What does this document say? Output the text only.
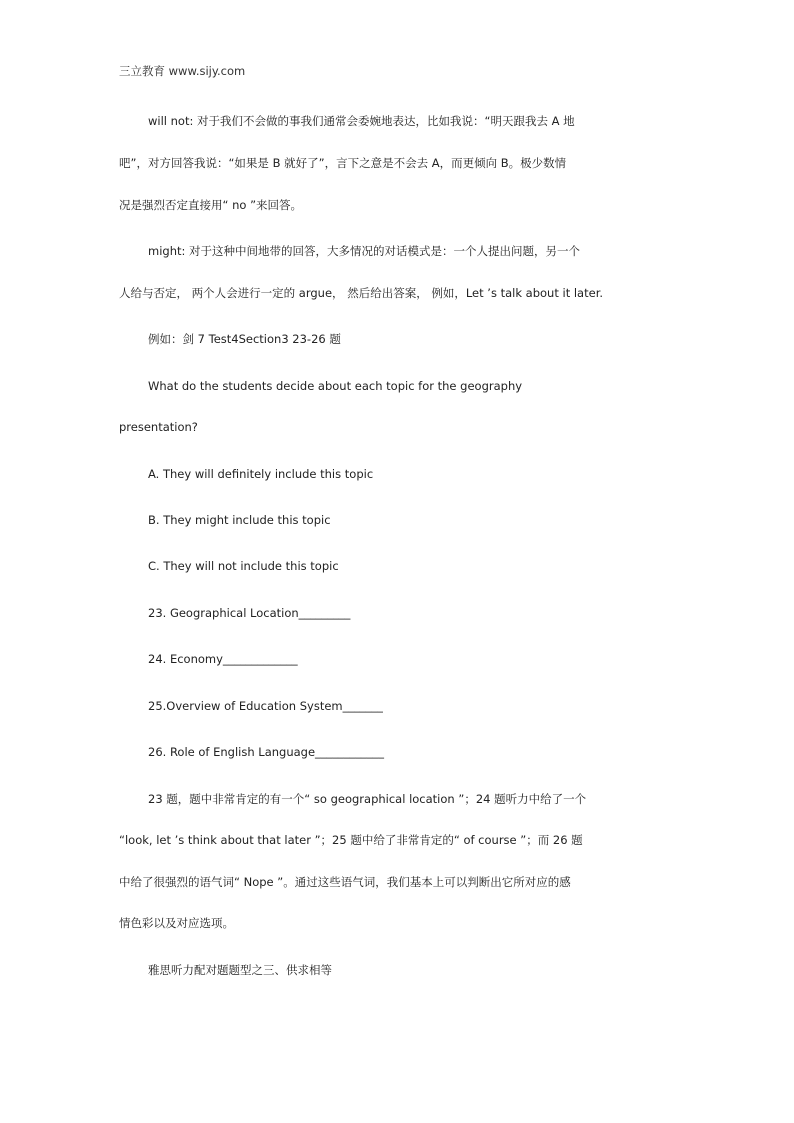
三立教育 www.sijy.com
will not: 对于我们不会做的事我们通常会委婉地表达，比如我说：“明天跟我去 A 地
吧”，对方回答我说：“如果是 B 就好了”，言下之意是不会去 A，而更倾向 B。极少数情
况是强烈否定直接用“ no ”来回答。
might: 对于这种中间地带的回答，大多情况的对话模式是：一个人提出问题，另一个
人给与否定， 两个人会进行一定的 argue， 然后给出答案， 例如，Let ’s talk about it later.
例如：剑 7 Test4Section3 23-26 题
What do the students decide about each topic for the geography
presentation?
A. They will definitely include this topic
B. They might include this topic
C. They will not include this topic
23. Geographical Location_________
24. Economy_____________
25.Overview of Education System_______
26. Role of English Language____________
23 题，题中非常肯定的有一个“ so geographical location ”；24 题听力中给了一个
“look, let ’s think about that later ”；25 题中给了非常肯定的“ of course ”；而 26 题
中给了很强烈的语气词“ Nope ”。通过这些语气词，我们基本上可以判断出它所对应的感
情色彩以及对应选项。
雅思听力配对题题型之三、供求相等
